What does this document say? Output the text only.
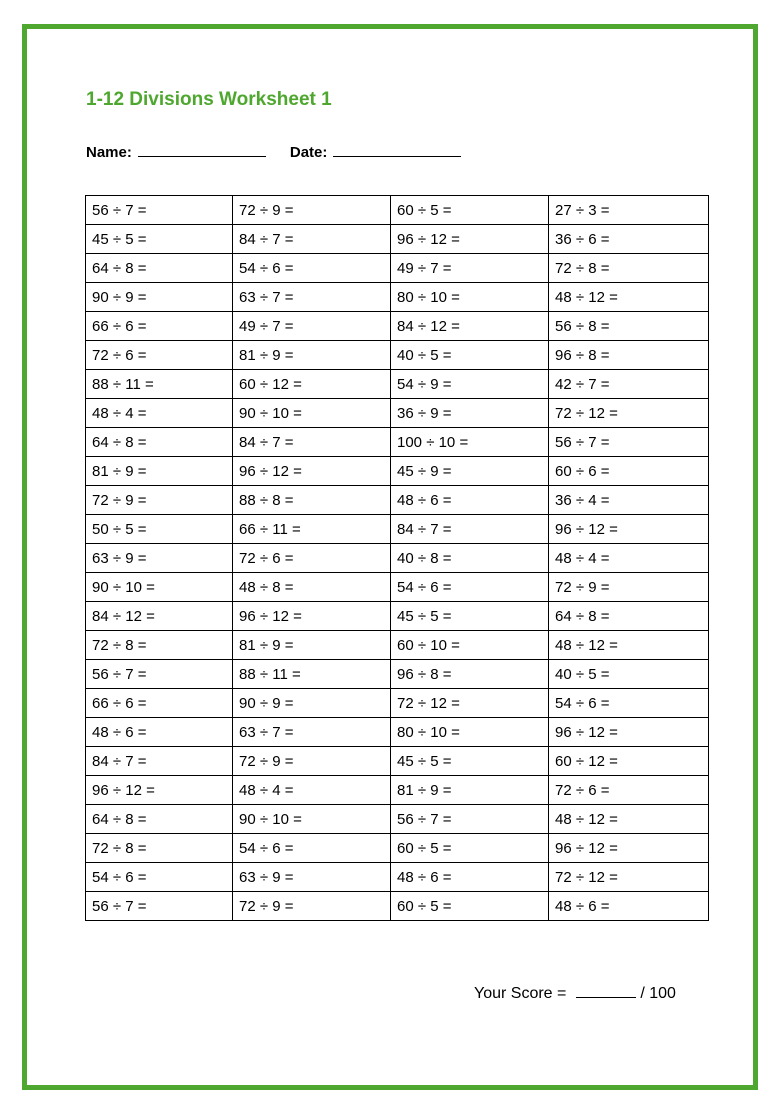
1-12 Divisions Worksheet 1
Name:	Date:
56 ÷ 7 =	72 ÷ 9 =	60 ÷ 5 =	27 ÷ 3 =
45 ÷ 5 =	84 ÷ 7 =	96 ÷ 12 =	36 ÷ 6 =
64 ÷ 8 =	54 ÷ 6 =	49 ÷ 7 =	72 ÷ 8 =
90 ÷ 9 =	63 ÷ 7 =	80 ÷ 10 =	48 ÷ 12 =
66 ÷ 6 =	49 ÷ 7 =	84 ÷ 12 =	56 ÷ 8 =
72 ÷ 6 =	81 ÷ 9 =	40 ÷ 5 =	96 ÷ 8 =
88 ÷ 11 =	60 ÷ 12 =	54 ÷ 9 =	42 ÷ 7 =
48 ÷ 4 =	90 ÷ 10 =	36 ÷ 9 =	72 ÷ 12 =
64 ÷ 8 =	84 ÷ 7 =	100 ÷ 10 =	56 ÷ 7 =
81 ÷ 9 =	96 ÷ 12 =	45 ÷ 9 =	60 ÷ 6 =
72 ÷ 9 =	88 ÷ 8 =	48 ÷ 6 =	36 ÷ 4 =
50 ÷ 5 =	66 ÷ 11 =	84 ÷ 7 =	96 ÷ 12 =
63 ÷ 9 =	72 ÷ 6 =	40 ÷ 8 =	48 ÷ 4 =
90 ÷ 10 =	48 ÷ 8 =	54 ÷ 6 =	72 ÷ 9 =
84 ÷ 12 =	96 ÷ 12 =	45 ÷ 5 =	64 ÷ 8 =
72 ÷ 8 =	81 ÷ 9 =	60 ÷ 10 =	48 ÷ 12 =
56 ÷ 7 =	88 ÷ 11 =	96 ÷ 8 =	40 ÷ 5 =
66 ÷ 6 =	90 ÷ 9 =	72 ÷ 12 =	54 ÷ 6 =
48 ÷ 6 =	63 ÷ 7 =	80 ÷ 10 =	96 ÷ 12 =
84 ÷ 7 =	72 ÷ 9 =	45 ÷ 5 =	60 ÷ 12 =
96 ÷ 12 =	48 ÷ 4 =	81 ÷ 9 =	72 ÷ 6 =
64 ÷ 8 =	90 ÷ 10 =	56 ÷ 7 =	48 ÷ 12 =
72 ÷ 8 =	54 ÷ 6 =	60 ÷ 5 =	96 ÷ 12 =
54 ÷ 6 =	63 ÷ 9 =	48 ÷ 6 =	72 ÷ 12 =
56 ÷ 7 =	72 ÷ 9 =	60 ÷ 5 =	48 ÷ 6 =
Your Score =	/ 100
